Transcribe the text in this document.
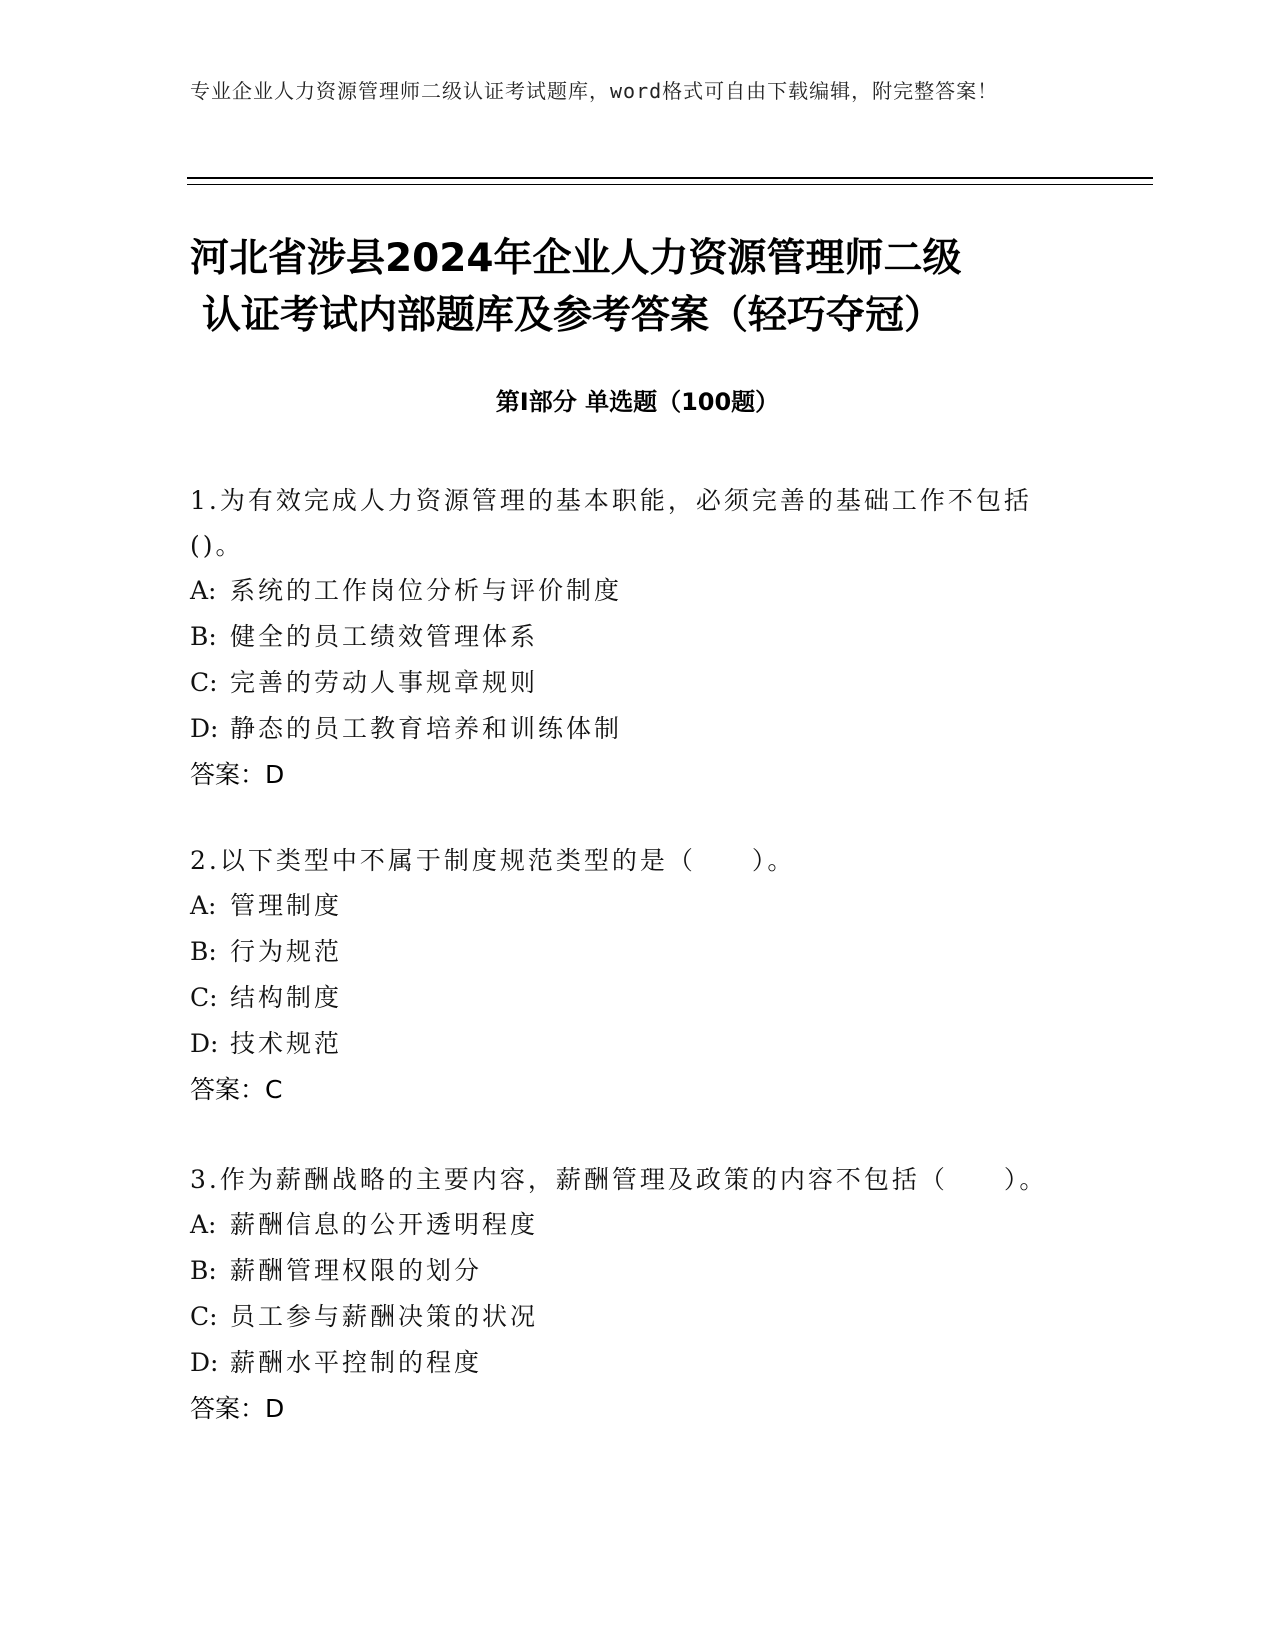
专业企业人力资源管理师二级认证考试题库，word格式可自由下载编辑，附完整答案！
河北省涉县2024年企业人力资源管理师二级
认证考试内部题库及参考答案（轻巧夺冠）
第Ⅰ部分 单选题（100题）
1.为有效完成人力资源管理的基本职能，必须完善的基础工作不包括()。
A: 系统的工作岗位分析与评价制度
B: 健全的员工绩效管理体系
C: 完善的劳动人事规章规则
D: 静态的员工教育培养和训练体制
答案：D
2.以下类型中不属于制度规范类型的是（　　）。
A: 管理制度
B: 行为规范
C: 结构制度
D: 技术规范
答案：C
3.作为薪酬战略的主要内容，薪酬管理及政策的内容不包括（　　）。
A: 薪酬信息的公开透明程度
B: 薪酬管理权限的划分
C: 员工参与薪酬决策的状况
D: 薪酬水平控制的程度
答案：D
